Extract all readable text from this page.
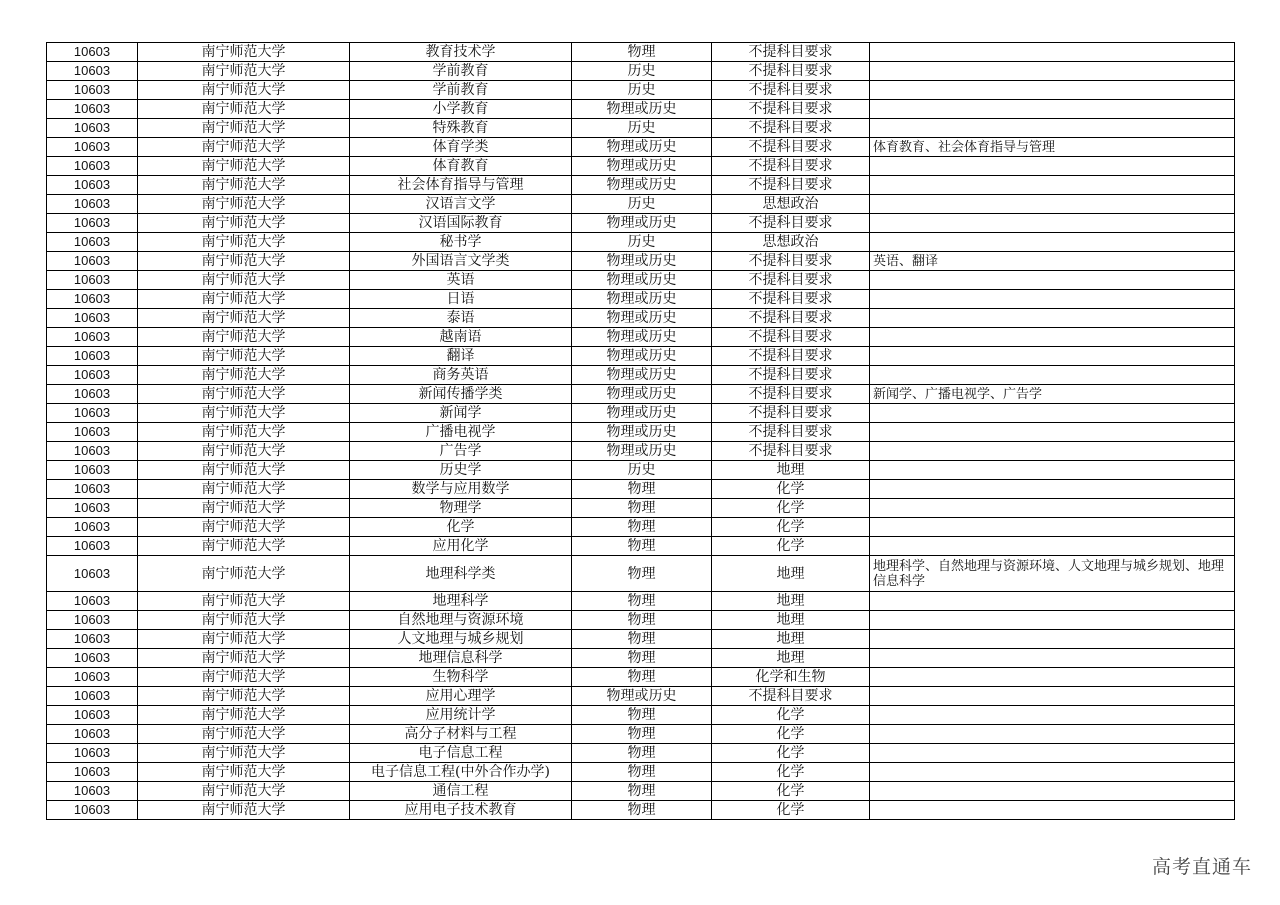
10603	南宁师范大学	教育技术学	物理	不提科目要求	
10603	南宁师范大学	学前教育	历史	不提科目要求	
10603	南宁师范大学	学前教育	历史	不提科目要求	
10603	南宁师范大学	小学教育	物理或历史	不提科目要求	
10603	南宁师范大学	特殊教育	历史	不提科目要求	
10603	南宁师范大学	体育学类	物理或历史	不提科目要求	体育教育、社会体育指导与管理
10603	南宁师范大学	体育教育	物理或历史	不提科目要求	
10603	南宁师范大学	社会体育指导与管理	物理或历史	不提科目要求	
10603	南宁师范大学	汉语言文学	历史	思想政治	
10603	南宁师范大学	汉语国际教育	物理或历史	不提科目要求	
10603	南宁师范大学	秘书学	历史	思想政治	
10603	南宁师范大学	外国语言文学类	物理或历史	不提科目要求	英语、翻译
10603	南宁师范大学	英语	物理或历史	不提科目要求	
10603	南宁师范大学	日语	物理或历史	不提科目要求	
10603	南宁师范大学	泰语	物理或历史	不提科目要求	
10603	南宁师范大学	越南语	物理或历史	不提科目要求	
10603	南宁师范大学	翻译	物理或历史	不提科目要求	
10603	南宁师范大学	商务英语	物理或历史	不提科目要求	
10603	南宁师范大学	新闻传播学类	物理或历史	不提科目要求	新闻学、广播电视学、广告学
10603	南宁师范大学	新闻学	物理或历史	不提科目要求	
10603	南宁师范大学	广播电视学	物理或历史	不提科目要求	
10603	南宁师范大学	广告学	物理或历史	不提科目要求	
10603	南宁师范大学	历史学	历史	地理	
10603	南宁师范大学	数学与应用数学	物理	化学	
10603	南宁师范大学	物理学	物理	化学	
10603	南宁师范大学	化学	物理	化学	
10603	南宁师范大学	应用化学	物理	化学	
10603	南宁师范大学	地理科学类	物理	地理	地理科学、自然地理与资源环境、人文地理与城乡规划、地理信息科学
10603	南宁师范大学	地理科学	物理	地理	
10603	南宁师范大学	自然地理与资源环境	物理	地理	
10603	南宁师范大学	人文地理与城乡规划	物理	地理	
10603	南宁师范大学	地理信息科学	物理	地理	
10603	南宁师范大学	生物科学	物理	化学和生物	
10603	南宁师范大学	应用心理学	物理或历史	不提科目要求	
10603	南宁师范大学	应用统计学	物理	化学	
10603	南宁师范大学	高分子材料与工程	物理	化学	
10603	南宁师范大学	电子信息工程	物理	化学	
10603	南宁师范大学	电子信息工程(中外合作办学)	物理	化学	
10603	南宁师范大学	通信工程	物理	化学	
10603	南宁师范大学	应用电子技术教育	物理	化学	
高考直通车
